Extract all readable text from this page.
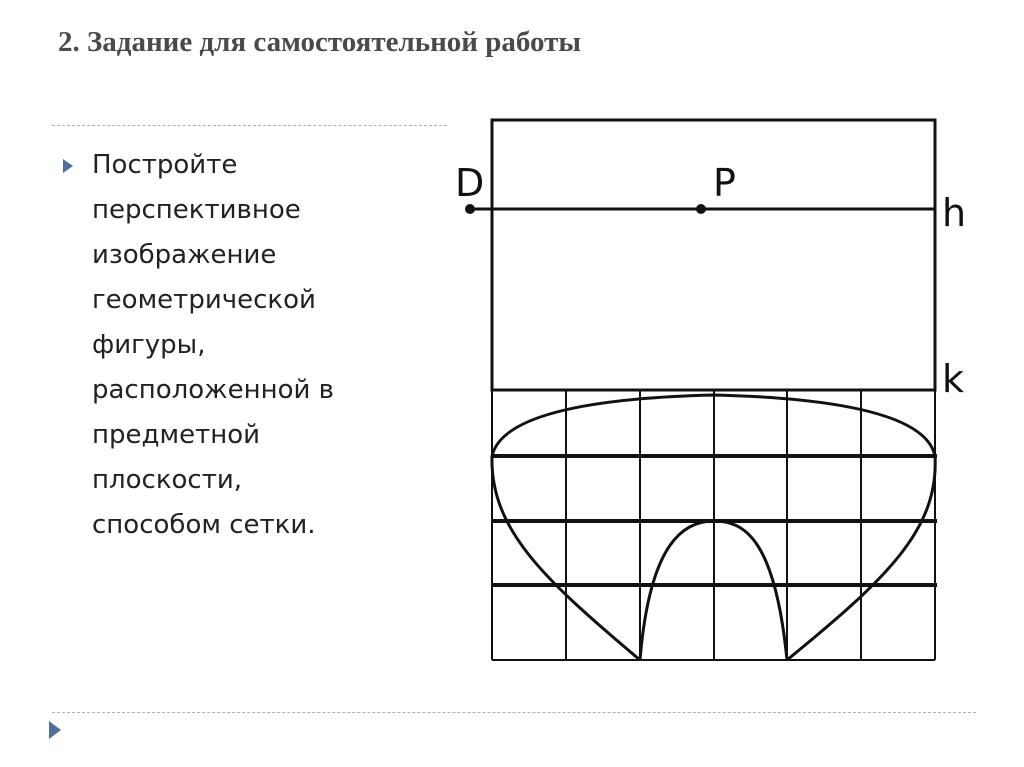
2. Задание для самостоятельной работы
Постройте
перспективное
изображение
геометрической
фигуры,
расположенной в
предметной
плоскости,
способом сетки.
D	P
h
k
